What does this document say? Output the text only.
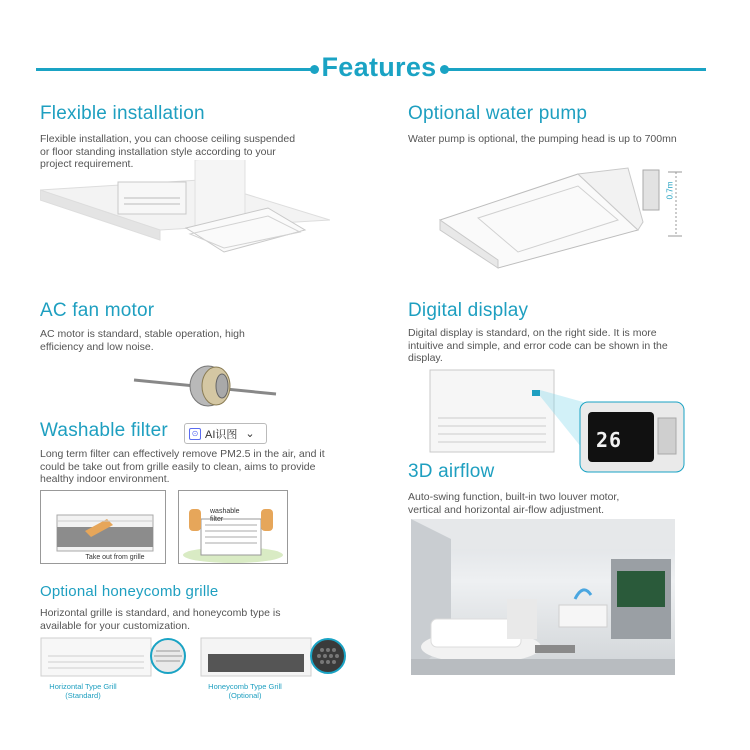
Features
Flexible installation
Flexible installation, you can choose ceiling suspended
or floor standing installation style according to your
project requirement.
Optional water pump
Water pump is optional, the pumping head is up to 700mn
0.7m
AC fan motor
AC motor is standard, stable operation, high
efficiency and low noise.
Digital display
Digital display is standard, on the right side. It is more
intuitive and simple, and error code can be shown in the
display.
26
Washable filter	⊙ AI识图 ⌄
Long term filter can effectively remove PM2.5 in the air, and it
could be take out from grille easily to clean, aims to provide
healthy indoor environment.
Take out from grille
washable
filter
3D airflow
Auto-swing function, built-in two louver motor,
vertical and horizontal air-flow adjustment.
Optional honeycomb grille
Horizontal grille is standard, and honeycomb type is
available for your customization.
Horizontal Type Grill
(Standard)
Honeycomb Type Grill
(Optional)
